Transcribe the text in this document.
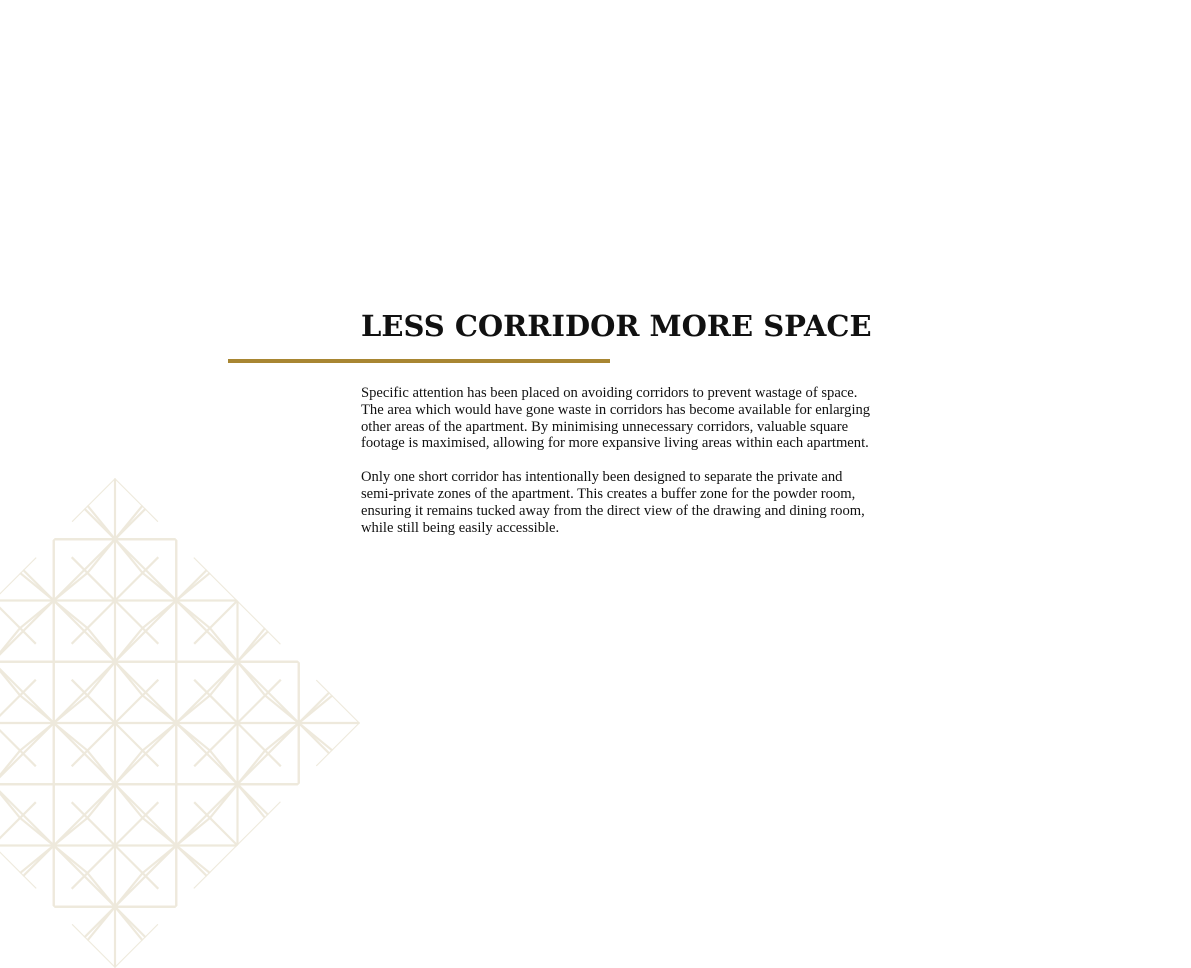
LESS CORRIDOR MORE SPACE

Specific attention has been placed on avoiding corridors to prevent wastage of space. The area which would have gone waste in corridors has become available for enlarging other areas of the apartment. By minimising unnecessary corridors, valuable square footage is maximised, allowing for more expansive living areas within each apartment.

Only one short corridor has intentionally been designed to separate the private and semi-private zones of the apartment. This creates a buffer zone for the powder room, ensuring it remains tucked away from the direct view of the drawing and dining room, while still being easily accessible.
